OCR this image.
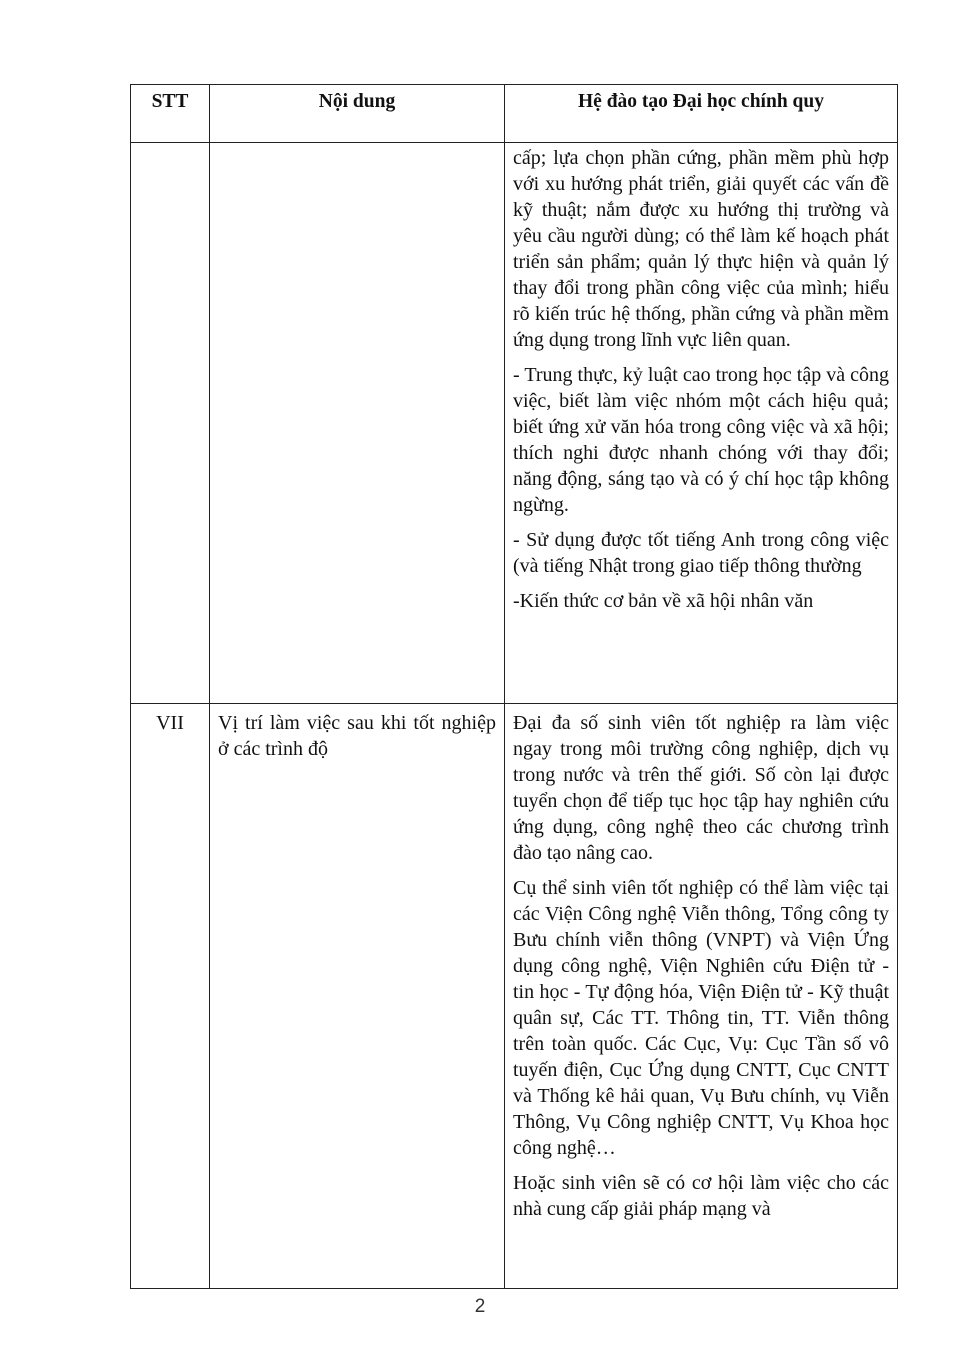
STT	Nội dung	Hệ đào tạo Đại học chính quy

		cấp; lựa chọn phần cứng, phần mềm phù hợp với xu hướng phát triển, giải quyết các vấn đề kỹ thuật; nắm được xu hướng thị trường và yêu cầu người dùng; có thể làm kế hoạch phát triển sản phẩm; quản lý thực hiện và quản lý thay đổi trong phần công việc của mình; hiểu rõ kiến trúc hệ thống, phần cứng và phần mềm ứng dụng trong lĩnh vực liên quan.

- Trung thực, kỷ luật cao trong học tập và công việc, biết làm việc nhóm một cách hiệu quả; biết ứng xử văn hóa trong công việc và xã hội; thích nghi được nhanh chóng với thay đổi; năng động, sáng tạo và có ý chí học tập không ngừng.

- Sử dụng được tốt tiếng Anh trong công việc (và tiếng Nhật trong giao tiếp thông thường

-Kiến thức cơ bản về xã hội nhân văn

VII	Vị trí làm việc sau khi tốt nghiệp ở các trình độ	Đại đa số sinh viên tốt nghiệp ra làm việc ngay trong môi trường công nghiệp, dịch vụ trong nước và trên thế giới. Số còn lại được tuyển chọn để tiếp tục học tập hay nghiên cứu ứng dụng, công nghệ theo các chương trình đào tạo nâng cao.

Cụ thể sinh viên tốt nghiệp có thể làm việc tại các Viện Công nghệ Viễn thông, Tổng công ty Bưu chính viễn thông (VNPT) và Viện Ứng dụng công nghệ, Viện Nghiên cứu Điện tử - tin học - Tự động hóa, Viện Điện tử - Kỹ thuật quân sự, Các TT. Thông tin, TT. Viễn thông trên toàn quốc. Các Cục, Vụ: Cục Tần số vô tuyến điện, Cục Ứng dụng CNTT, Cục CNTT và Thống kê hải quan, Vụ Bưu chính, vụ Viễn Thông, Vụ Công nghiệp CNTT, Vụ Khoa học công nghệ…

Hoặc sinh viên sẽ có cơ hội làm việc cho các nhà cung cấp giải pháp mạng và

2
